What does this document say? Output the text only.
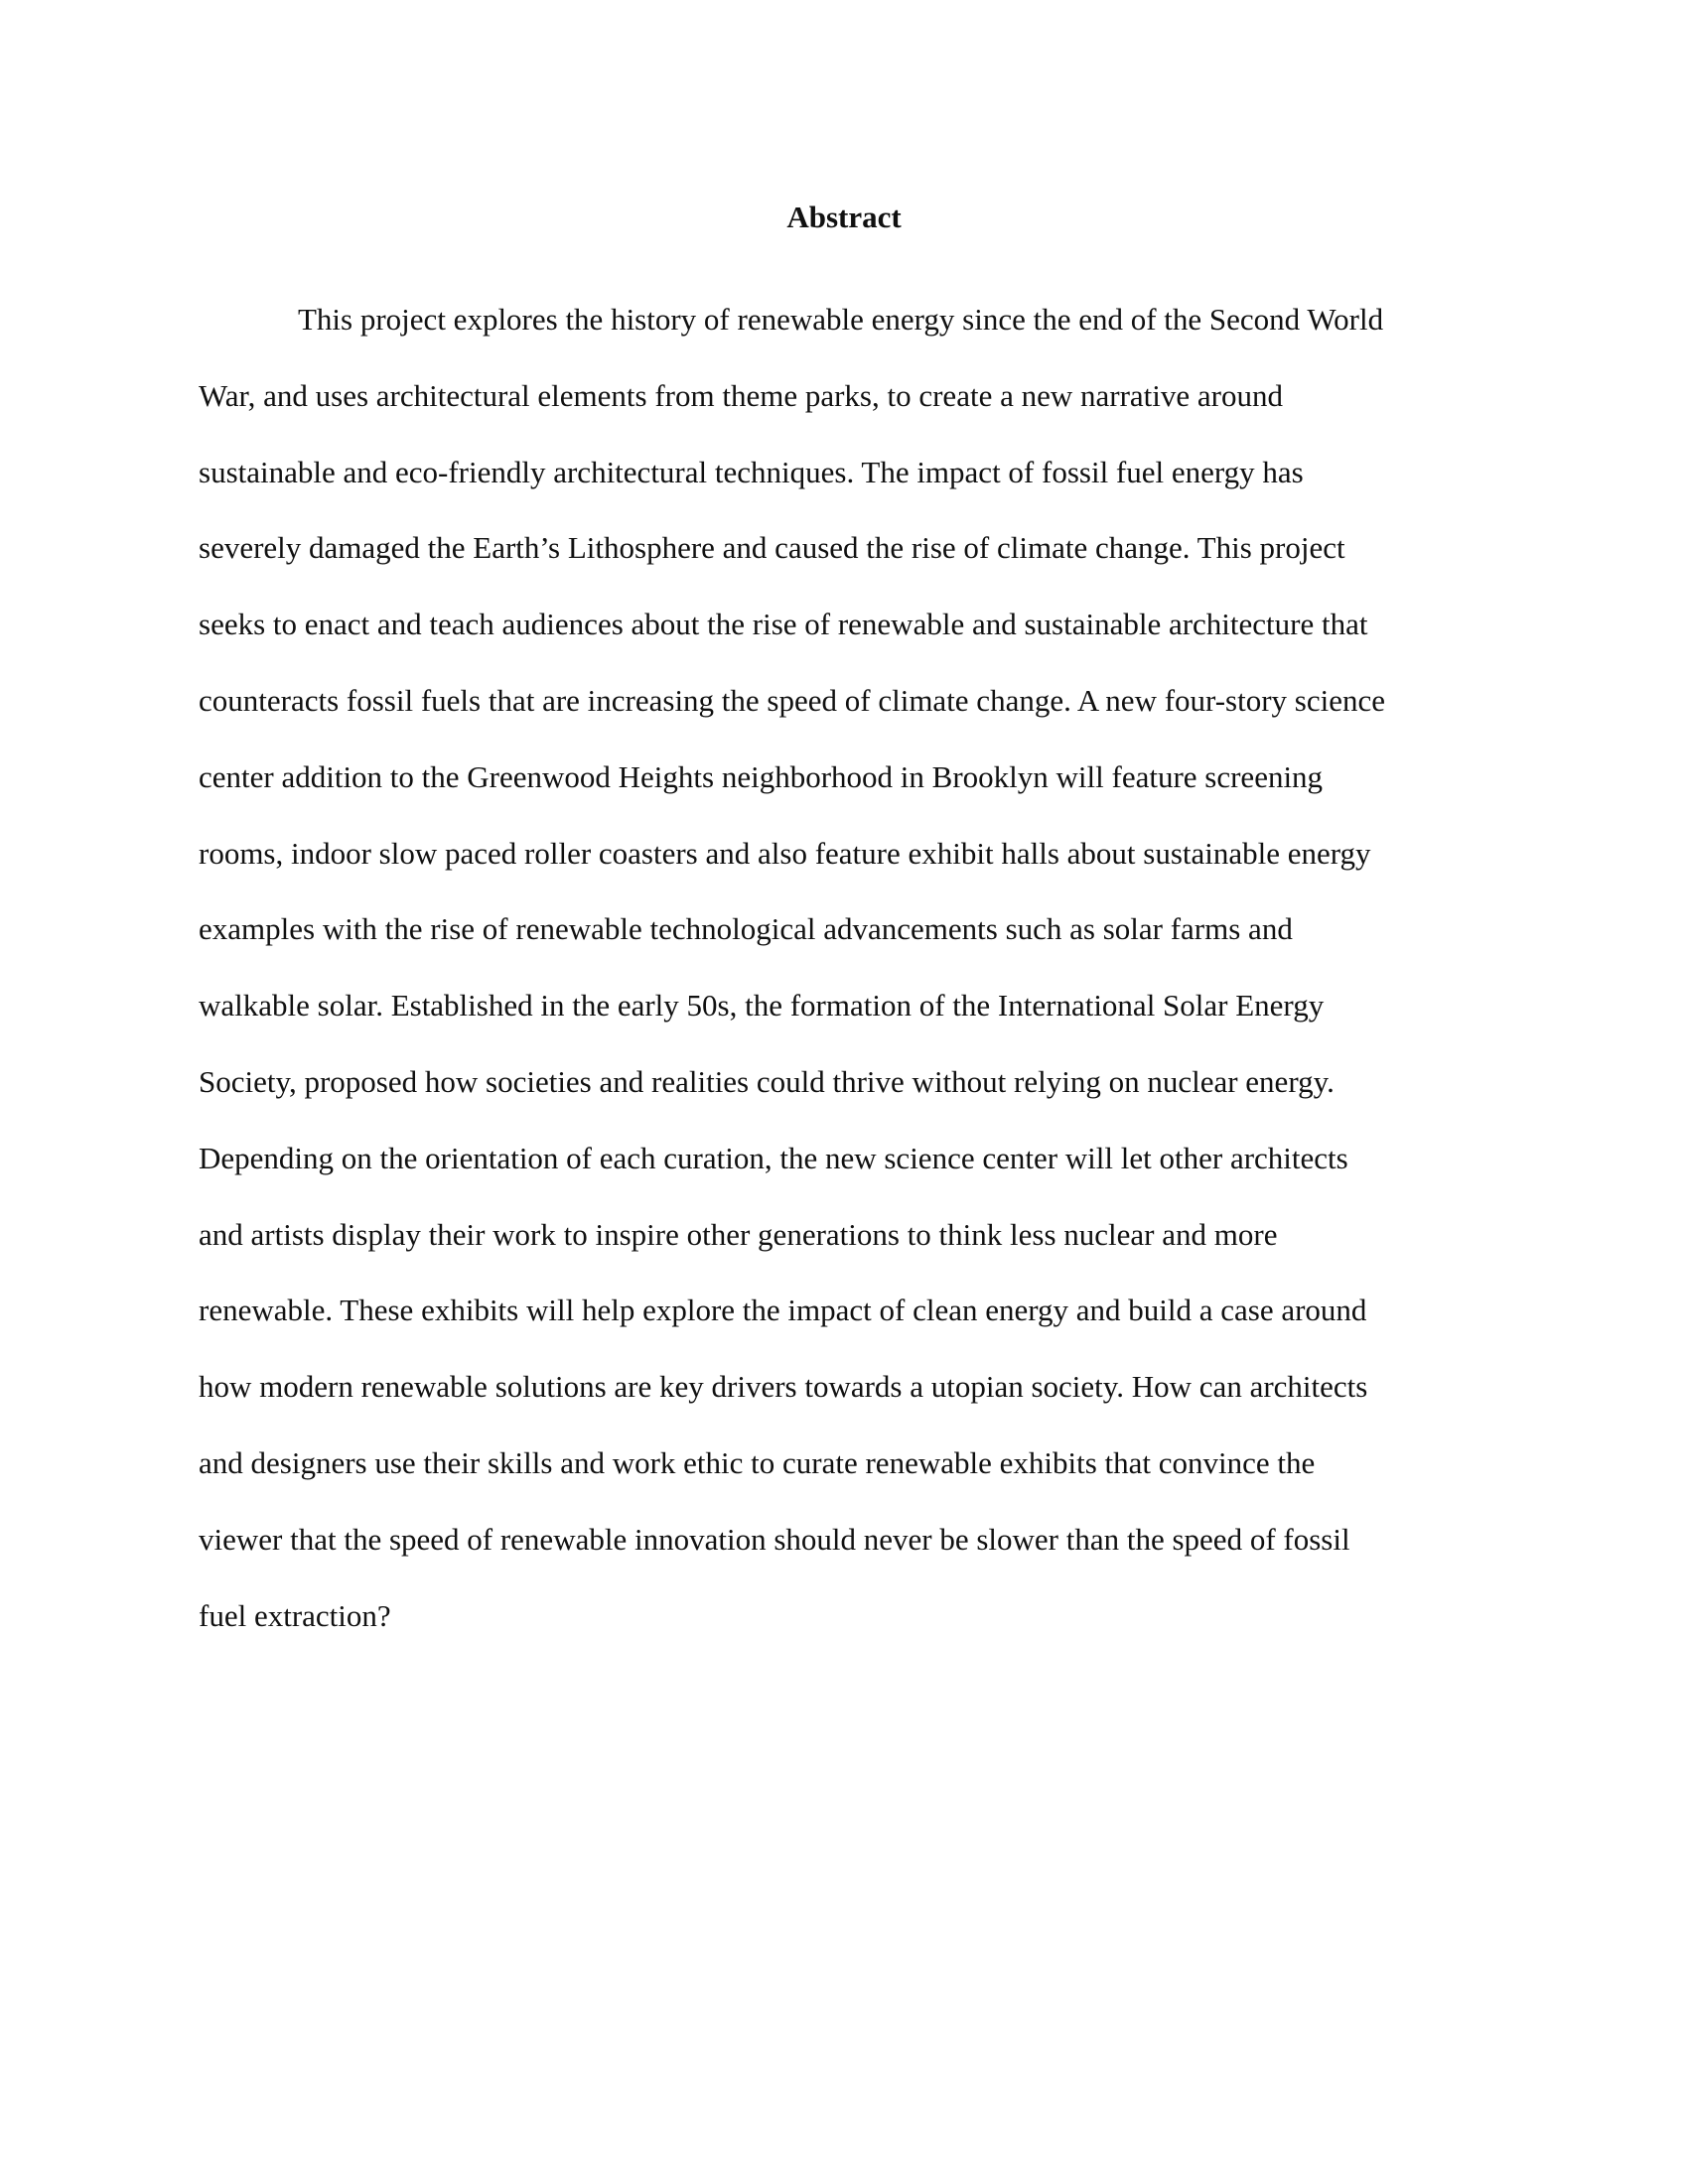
Abstract
This project explores the history of renewable energy since the end of the Second World
War, and uses architectural elements from theme parks, to create a new narrative around
sustainable and eco-friendly architectural techniques. The impact of fossil fuel energy has
severely damaged the Earth’s Lithosphere and caused the rise of climate change. This project
seeks to enact and teach audiences about the rise of renewable and sustainable architecture that
counteracts fossil fuels that are increasing the speed of climate change. A new four-story science
center addition to the Greenwood Heights neighborhood in Brooklyn will feature screening
rooms, indoor slow paced roller coasters and also feature exhibit halls about sustainable energy
examples with the rise of renewable technological advancements such as solar farms and
walkable solar. Established in the early 50s, the formation of the International Solar Energy
Society, proposed how societies and realities could thrive without relying on nuclear energy.
Depending on the orientation of each curation, the new science center will let other architects
and artists display their work to inspire other generations to think less nuclear and more
renewable. These exhibits will help explore the impact of clean energy and build a case around
how modern renewable solutions are key drivers towards a utopian society. How can architects
and designers use their skills and work ethic to curate renewable exhibits that convince the
viewer that the speed of renewable innovation should never be slower than the speed of fossil
fuel extraction?
